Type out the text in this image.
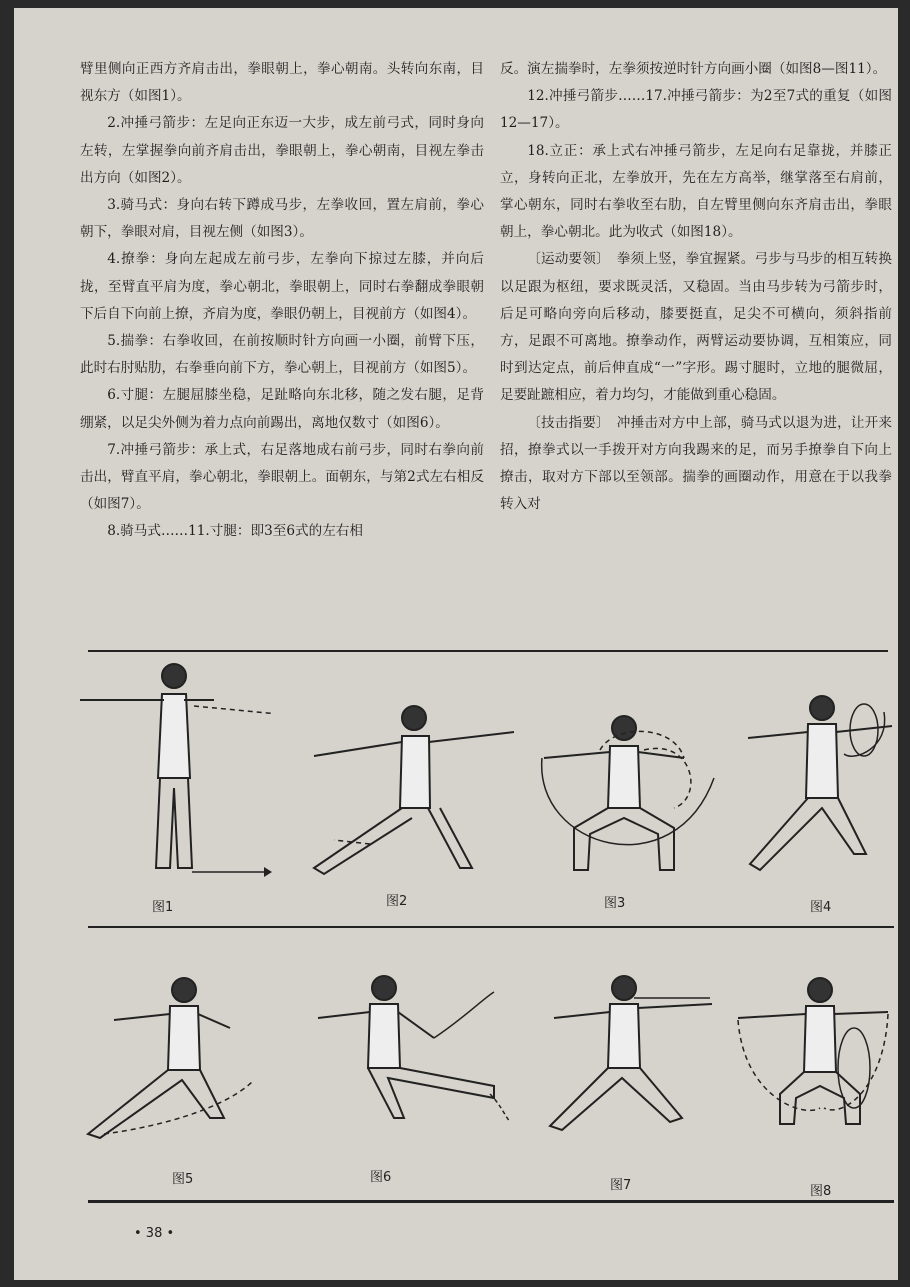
臂里侧向正西方齐肩击出，拳眼朝上，拳心朝南。头转向东南，目视东方（如图1）。

2.冲捶弓箭步：左足向正东迈一大步，成左前弓式，同时身向左转，左掌握拳向前齐肩击出，拳眼朝上，拳心朝南，目视左拳击出方向（如图2）。

3.骑马式：身向右转下蹲成马步，左拳收回，置左肩前，拳心朝下，拳眼对肩，目视左侧（如图3）。

4.撩拳：身向左起成左前弓步，左拳向下掠过左膝，并向后拢，至臂直平肩为度，拳心朝北，拳眼朝上，同时右拳翻成拳眼朝下后自下向前上撩，齐肩为度，拳眼仍朝上，目视前方（如图4）。

5.揣拳：右拳收回，在前按顺时针方向画一小圈，前臂下压，此时右肘贴肋，右拳垂向前下方，拳心朝上，目视前方（如图5）。

6.寸腿：左腿屈膝坐稳，足趾略向东北移，随之发右腿，足背绷紧，以足尖外侧为着力点向前踢出，离地仅数寸（如图6）。

7.冲捶弓箭步：承上式，右足落地成右前弓步，同时右拳向前击出，臂直平肩，拳心朝北，拳眼朝上。面朝东，与第2式左右相反（如图7）。

8.骑马式……11.寸腿：即3至6式的左右相

反。演左揣拳时，左拳须按逆时针方向画小圈（如图8—图11）。

12.冲捶弓箭步……17.冲捶弓箭步：为2至7式的重复（如图12—17）。

18.立正：承上式右冲捶弓箭步，左足向右足靠拢，并膝正立，身转向正北，左拳放开，先在左方高举，继掌落至右肩前，掌心朝东，同时右拳收至右肋，自左臂里侧向东齐肩击出，拳眼朝上，拳心朝北。此为收式（如图18）。

〔运动要领〕　拳须上竖，拳宜握紧。弓步与马步的相互转换以足跟为枢纽，要求既灵活，又稳固。当由马步转为弓箭步时，后足可略向旁向后移动，膝要挺直，足尖不可横向，须斜指前方，足跟不可离地。撩拳动作，两臂运动要协调，互相策应，同时到达定点，前后伸直成“一”字形。踢寸腿时，立地的腿微屈，足要趾蹠相应，着力均匀，才能做到重心稳固。

〔技击指要〕　冲捶击对方中上部，骑马式以退为进，让开来招，撩拳式以一手拨开对方向我踢来的足，而另手撩拳自下向上撩击，取对方下部以至领部。揣拳的画圈动作，用意在于以我拳转入对

图1	图2	图3	图4
图5	图6
图7	图8
• 38 •
